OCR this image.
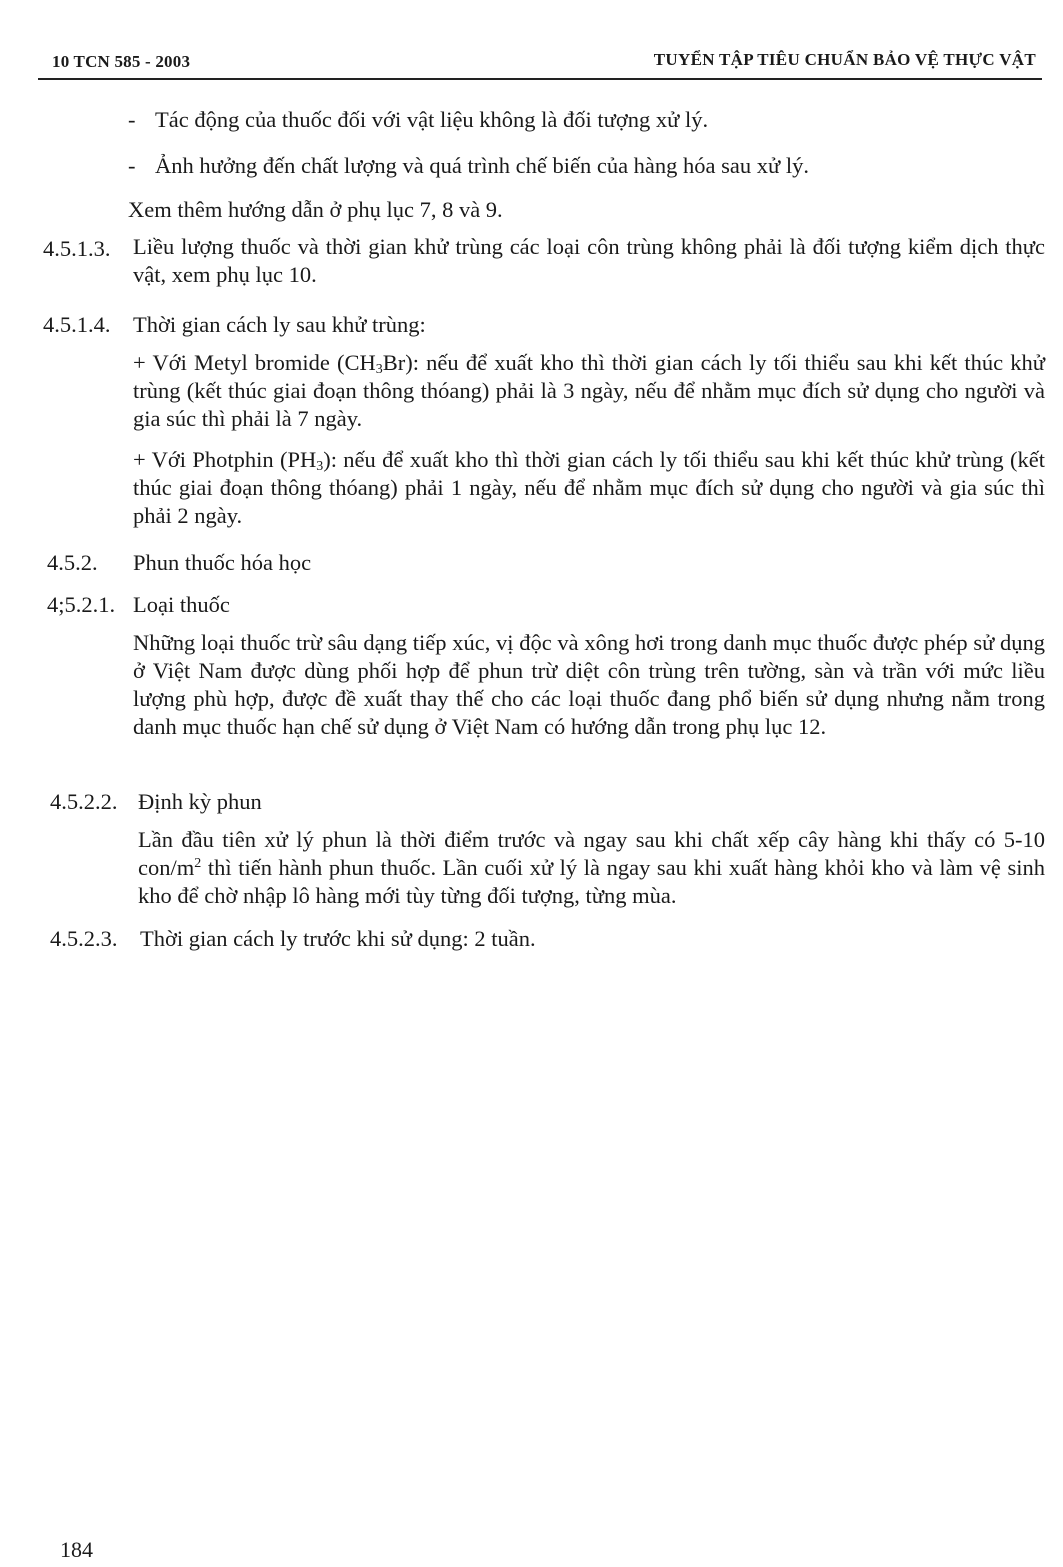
10 TCN 585 - 2003	TUYỂN TẬP TIÊU CHUẨN BẢO VỆ THỰC VẬT
- Tác động của thuốc đối với vật liệu không là đối tượng xử lý.
- Ảnh hưởng đến chất lượng và quá trình chế biến của hàng hóa sau xử lý.
Xem thêm hướng dẫn ở phụ lục 7, 8 và 9.
4.5.1.3. Liều lượng thuốc và thời gian khử trùng các loại côn trùng không phải là đối tượng kiểm dịch thực vật, xem phụ lục 10.
4.5.1.4. Thời gian cách ly sau khử trùng:
+ Với Metyl bromide $(CH_3Br)$: nếu để xuất kho thì thời gian cách ly tối thiểu sau khi kết thúc khử trùng (kết thúc giai đoạn thông thóang) phải là 3 ngày, nếu để nhằm mục đích sử dụng cho người và gia súc thì phải là 7 ngày.
+ Với Photphin $(PH_3)$: nếu để xuất kho thì thời gian cách ly tối thiểu sau khi kết thúc khử trùng (kết thúc giai đoạn thông thóang) phải 1 ngày, nếu để nhằm mục đích sử dụng cho người và gia súc thì phải 2 ngày.
4.5.2. Phun thuốc hóa học
4;5.2.1. Loại thuốc
Những loại thuốc trừ sâu dạng tiếp xúc, vị độc và xông hơi trong danh mục thuốc được phép sử dụng ở Việt Nam được dùng phối hợp để phun trừ diệt côn trùng trên tường, sàn và trần với mức liều lượng phù hợp, được đề xuất thay thế cho các loại thuốc đang phổ biến sử dụng nhưng nằm trong danh mục thuốc hạn chế sử dụng ở Việt Nam có hướng dẫn trong phụ lục 12.
4.5.2.2. Định kỳ phun
Lần đầu tiên xử lý phun là thời điểm trước và ngay sau khi chất xếp cây hàng khi thấy có 5-10 con/$m^2$ thì tiến hành phun thuốc. Lần cuối xử lý là ngay sau khi xuất hàng khỏi kho và làm vệ sinh kho để chờ nhập lô hàng mới tùy từng đối tượng, từng mùa.
4.5.2.3. Thời gian cách ly trước khi sử dụng: 2 tuần.
184
